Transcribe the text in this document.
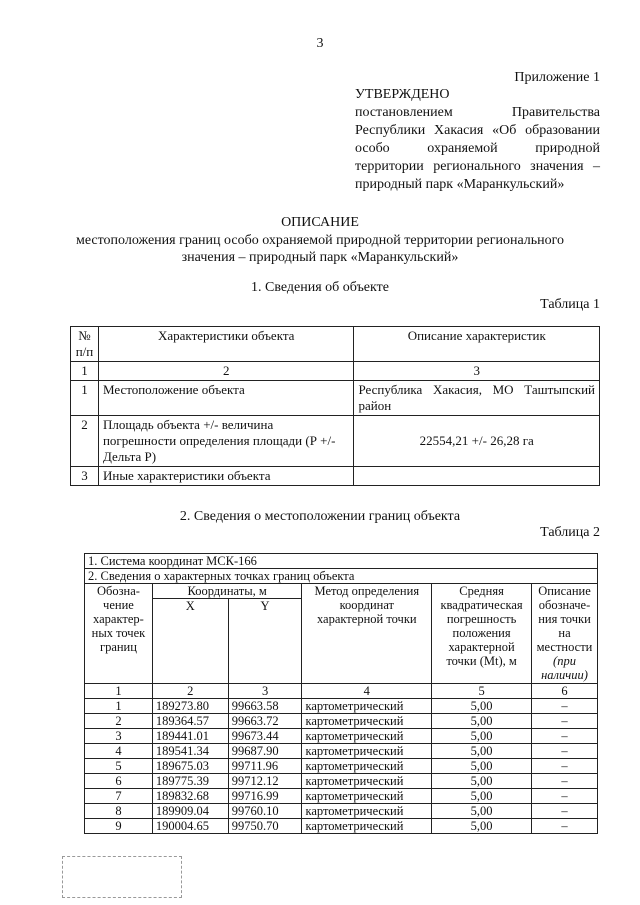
3
Приложение 1
УТВЕРЖДЕНО
постановлением Правительства Республики Хакасия «Об образовании особо охраняемой природной территории регионального значения – природный парк «Маранкульский»
ОПИСАНИЕ
местоположения границ особо охраняемой природной территории регионального
значения – природный парк «Маранкульский»
1. Сведения об объекте
Таблица 1
№ п/п	Характеристики объекта	Описание характеристик
1	2	3
1	Местоположение объекта	Республика Хакасия, МО Таштыпский район
2	Площадь объекта +/- величина погрешности определения площади (Р +/- Дельта Р)	22554,21 +/- 26,28 га
3	Иные характеристики объекта	
2. Сведения о местоположении границ объекта
Таблица 2
1. Система координат МСК-166					
2. Сведения о характерных точках границ объекта					
Обозна-чение характер-ных точек границ	Координаты, м		Метод определения координат характерной точки	Средняя квадратическая погрешность положения характерной точки (Mt), м	Описание обозначе-ния точки на местности (при наличии)
	X	Y			
1	2	3	4	5	6
1	189273.80	99663.58	картометрический	5,00	–
2	189364.57	99663.72	картометрический	5,00	–
3	189441.01	99673.44	картометрический	5,00	–
4	189541.34	99687.90	картометрический	5,00	–
5	189675.03	99711.96	картометрический	5,00	–
6	189775.39	99712.12	картометрический	5,00	–
7	189832.68	99716.99	картометрический	5,00	–
8	189909.04	99760.10	картометрический	5,00	–
9	190004.65	99750.70	картометрический	5,00	–
